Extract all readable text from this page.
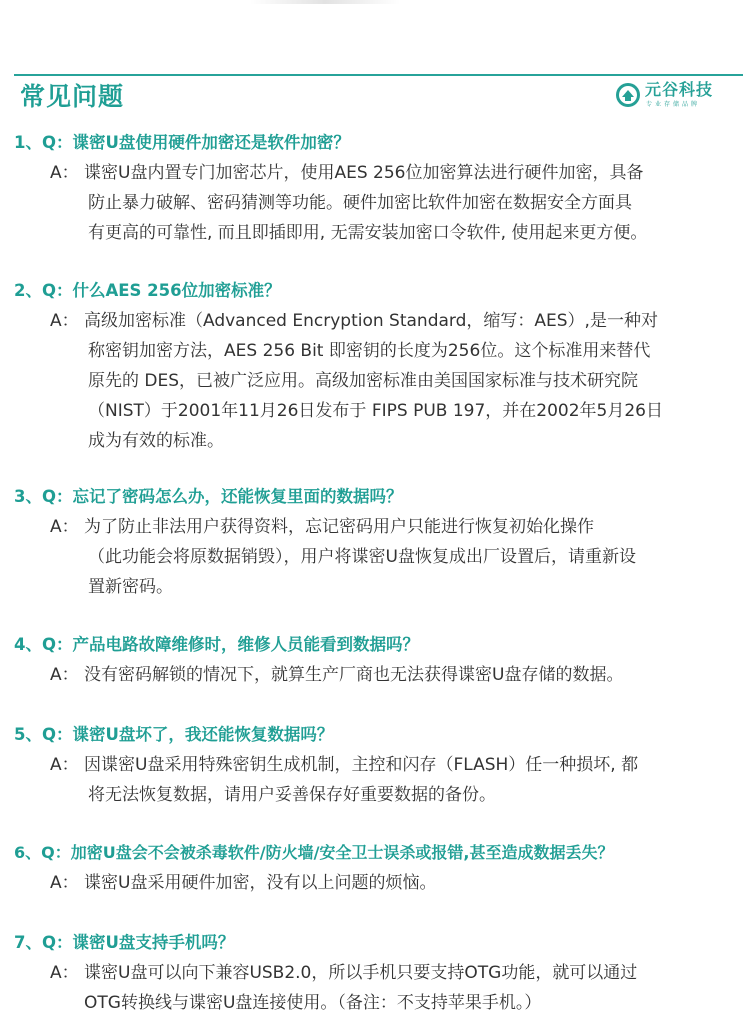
常见问题	元谷科技
专业存储品牌
1、Q：谍密U盘使用硬件加密还是软件加密？
A： 谍密U盘内置专门加密芯片，使用AES 256位加密算法进行硬件加密，具备
防止暴力破解、密码猜测等功能。硬件加密比软件加密在数据安全方面具
有更高的可靠性, 而且即插即用, 无需安装加密口令软件, 使用起来更方便。
2、Q：什么AES 256位加密标准？
A： 高级加密标准（Advanced Encryption Standard，缩写：AES）,是一种对
称密钥加密方法，AES 256 Bit 即密钥的长度为256位。这个标准用来替代
原先的 DES，已被广泛应用。高级加密标准由美国国家标准与技术研究院
（NIST）于2001年11月26日发布于 FIPS PUB 197，并在2002年5月26日
成为有效的标准。
3、Q：忘记了密码怎么办，还能恢复里面的数据吗？
A： 为了防止非法用户获得资料，忘记密码用户只能进行恢复初始化操作
（此功能会将原数据销毁），用户将谍密U盘恢复成出厂设置后，请重新设
置新密码。
4、Q：产品电路故障维修时，维修人员能看到数据吗？
A： 没有密码解锁的情况下，就算生产厂商也无法获得谍密U盘存储的数据。
5、Q：谍密U盘坏了，我还能恢复数据吗？
A： 因谍密U盘采用特殊密钥生成机制，主控和闪存（FLASH）任一种损坏, 都
将无法恢复数据，请用户妥善保存好重要数据的备份。
6、Q：加密U盘会不会被杀毒软件/防火墙/安全卫士误杀或报错,甚至造成数据丢失？
A： 谍密U盘采用硬件加密，没有以上问题的烦恼。
7、Q：谍密U盘支持手机吗？
A： 谍密U盘可以向下兼容USB2.0，所以手机只要支持OTG功能，就可以通过
OTG转换线与谍密U盘连接使用。（备注：不支持苹果手机。）
